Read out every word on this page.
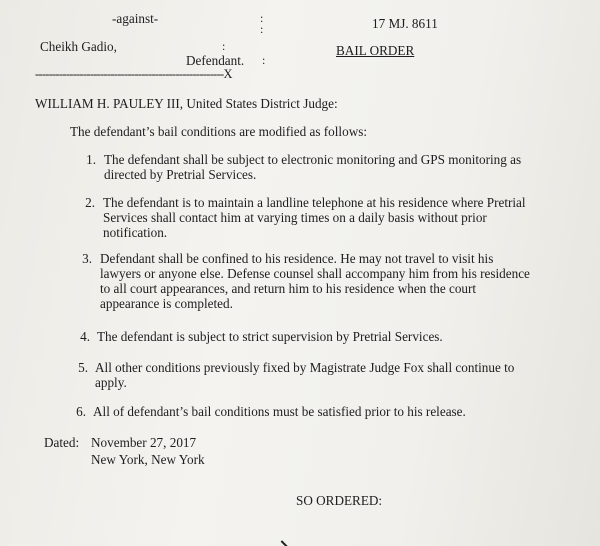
-against-	:
:	17 MJ. 8611
Cheikh Gadio,	:	BAIL ORDER
Defendant. :
-------------------------------------------------------X
WILLIAM H. PAULEY III, United States District Judge:
The defendant’s bail conditions are modified as follows:
1. The defendant shall be subject to electronic monitoring and GPS monitoring as directed by Pretrial Services.
2. The defendant is to maintain a landline telephone at his residence where Pretrial Services shall contact him at varying times on a daily basis without prior notification.
3. Defendant shall be confined to his residence. He may not travel to visit his lawyers or anyone else. Defense counsel shall accompany him from his residence to all court appearances, and return him to his residence when the court appearance is completed.
4. The defendant is subject to strict supervision by Pretrial Services.
5. All other conditions previously fixed by Magistrate Judge Fox shall continue to apply.
6. All of defendant’s bail conditions must be satisfied prior to his release.
Dated: November 27, 2017
New York, New York
SO ORDERED:
